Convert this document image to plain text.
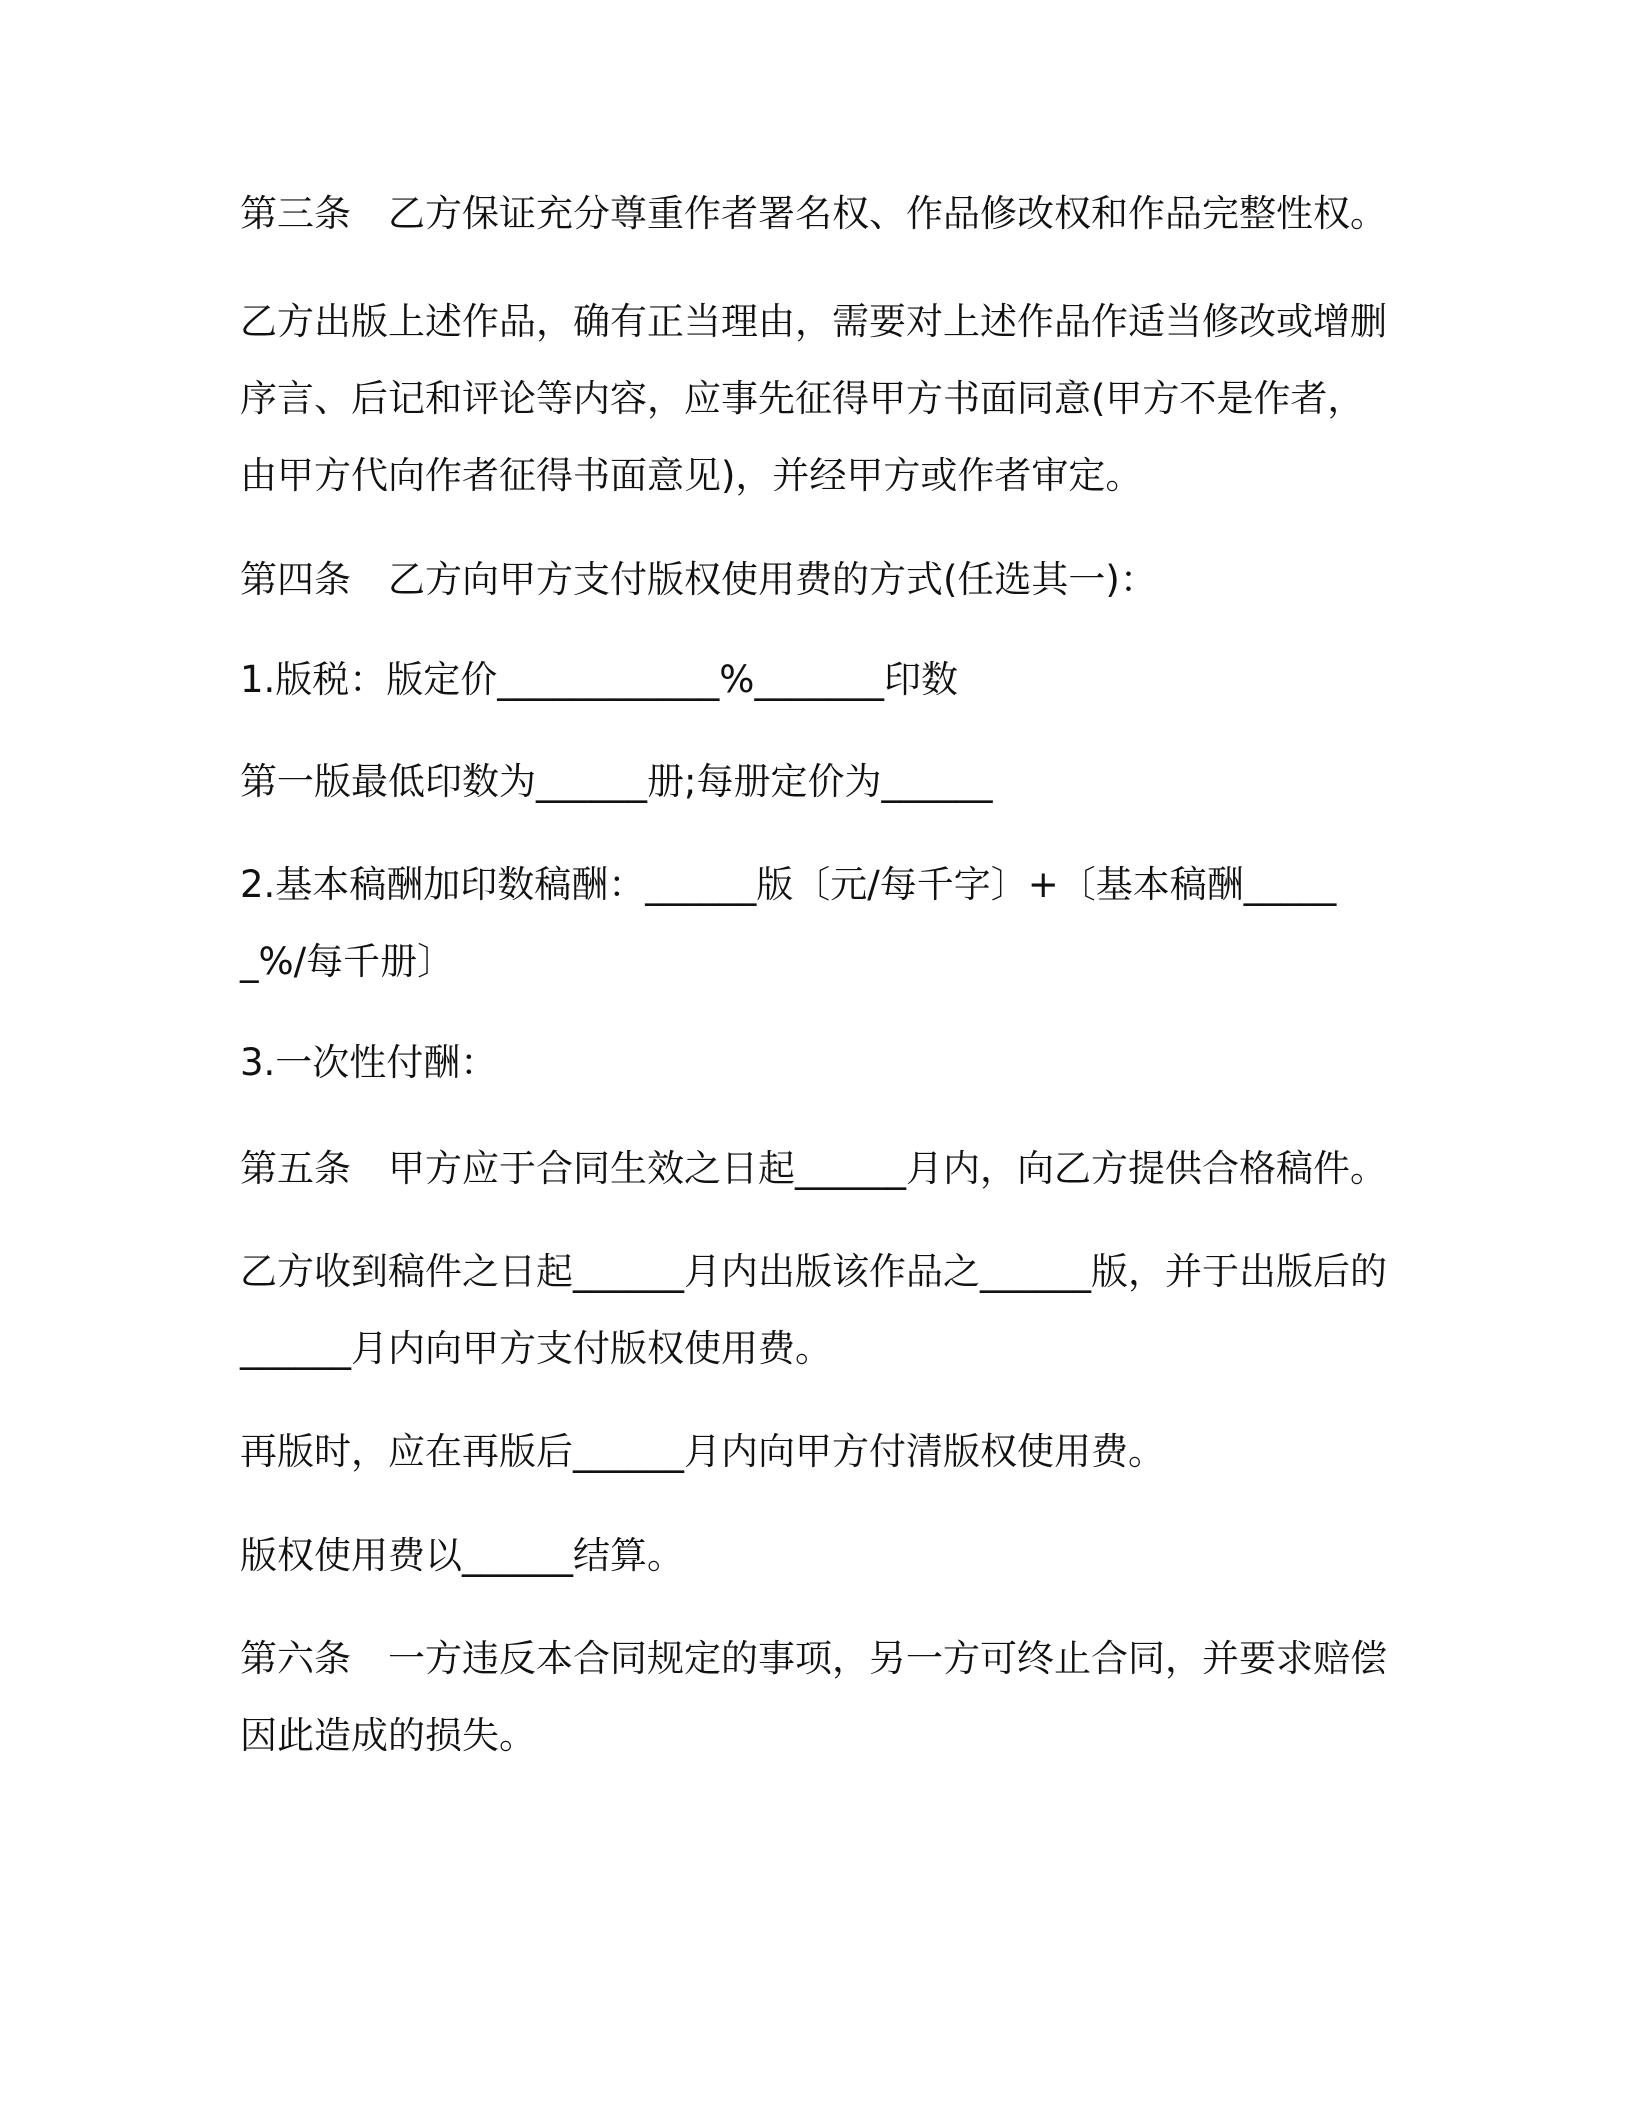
第三条　乙方保证充分尊重作者署名权、作品修改权和作品完整性权。

乙方出版上述作品，确有正当理由，需要对上述作品作适当修改或增删序言、后记和评论等内容，应事先征得甲方书面同意(甲方不是作者，由甲方代向作者征得书面意见)，并经甲方或作者审定。

第四条　乙方向甲方支付版权使用费的方式(任选其一)：

1.版税：版定价____________%_______印数

第一版最低印数为______册;每册定价为______

2.基本稿酬加印数稿酬：______版〔元/每千字〕+〔基本稿酬______%/每千册〕

3.一次性付酬：

第五条　甲方应于合同生效之日起______月内，向乙方提供合格稿件。

乙方收到稿件之日起______月内出版该作品之______版，并于出版后的______月内向甲方支付版权使用费。

再版时，应在再版后______月内向甲方付清版权使用费。

版权使用费以______结算。

第六条　一方违反本合同规定的事项，另一方可终止合同，并要求赔偿因此造成的损失。
